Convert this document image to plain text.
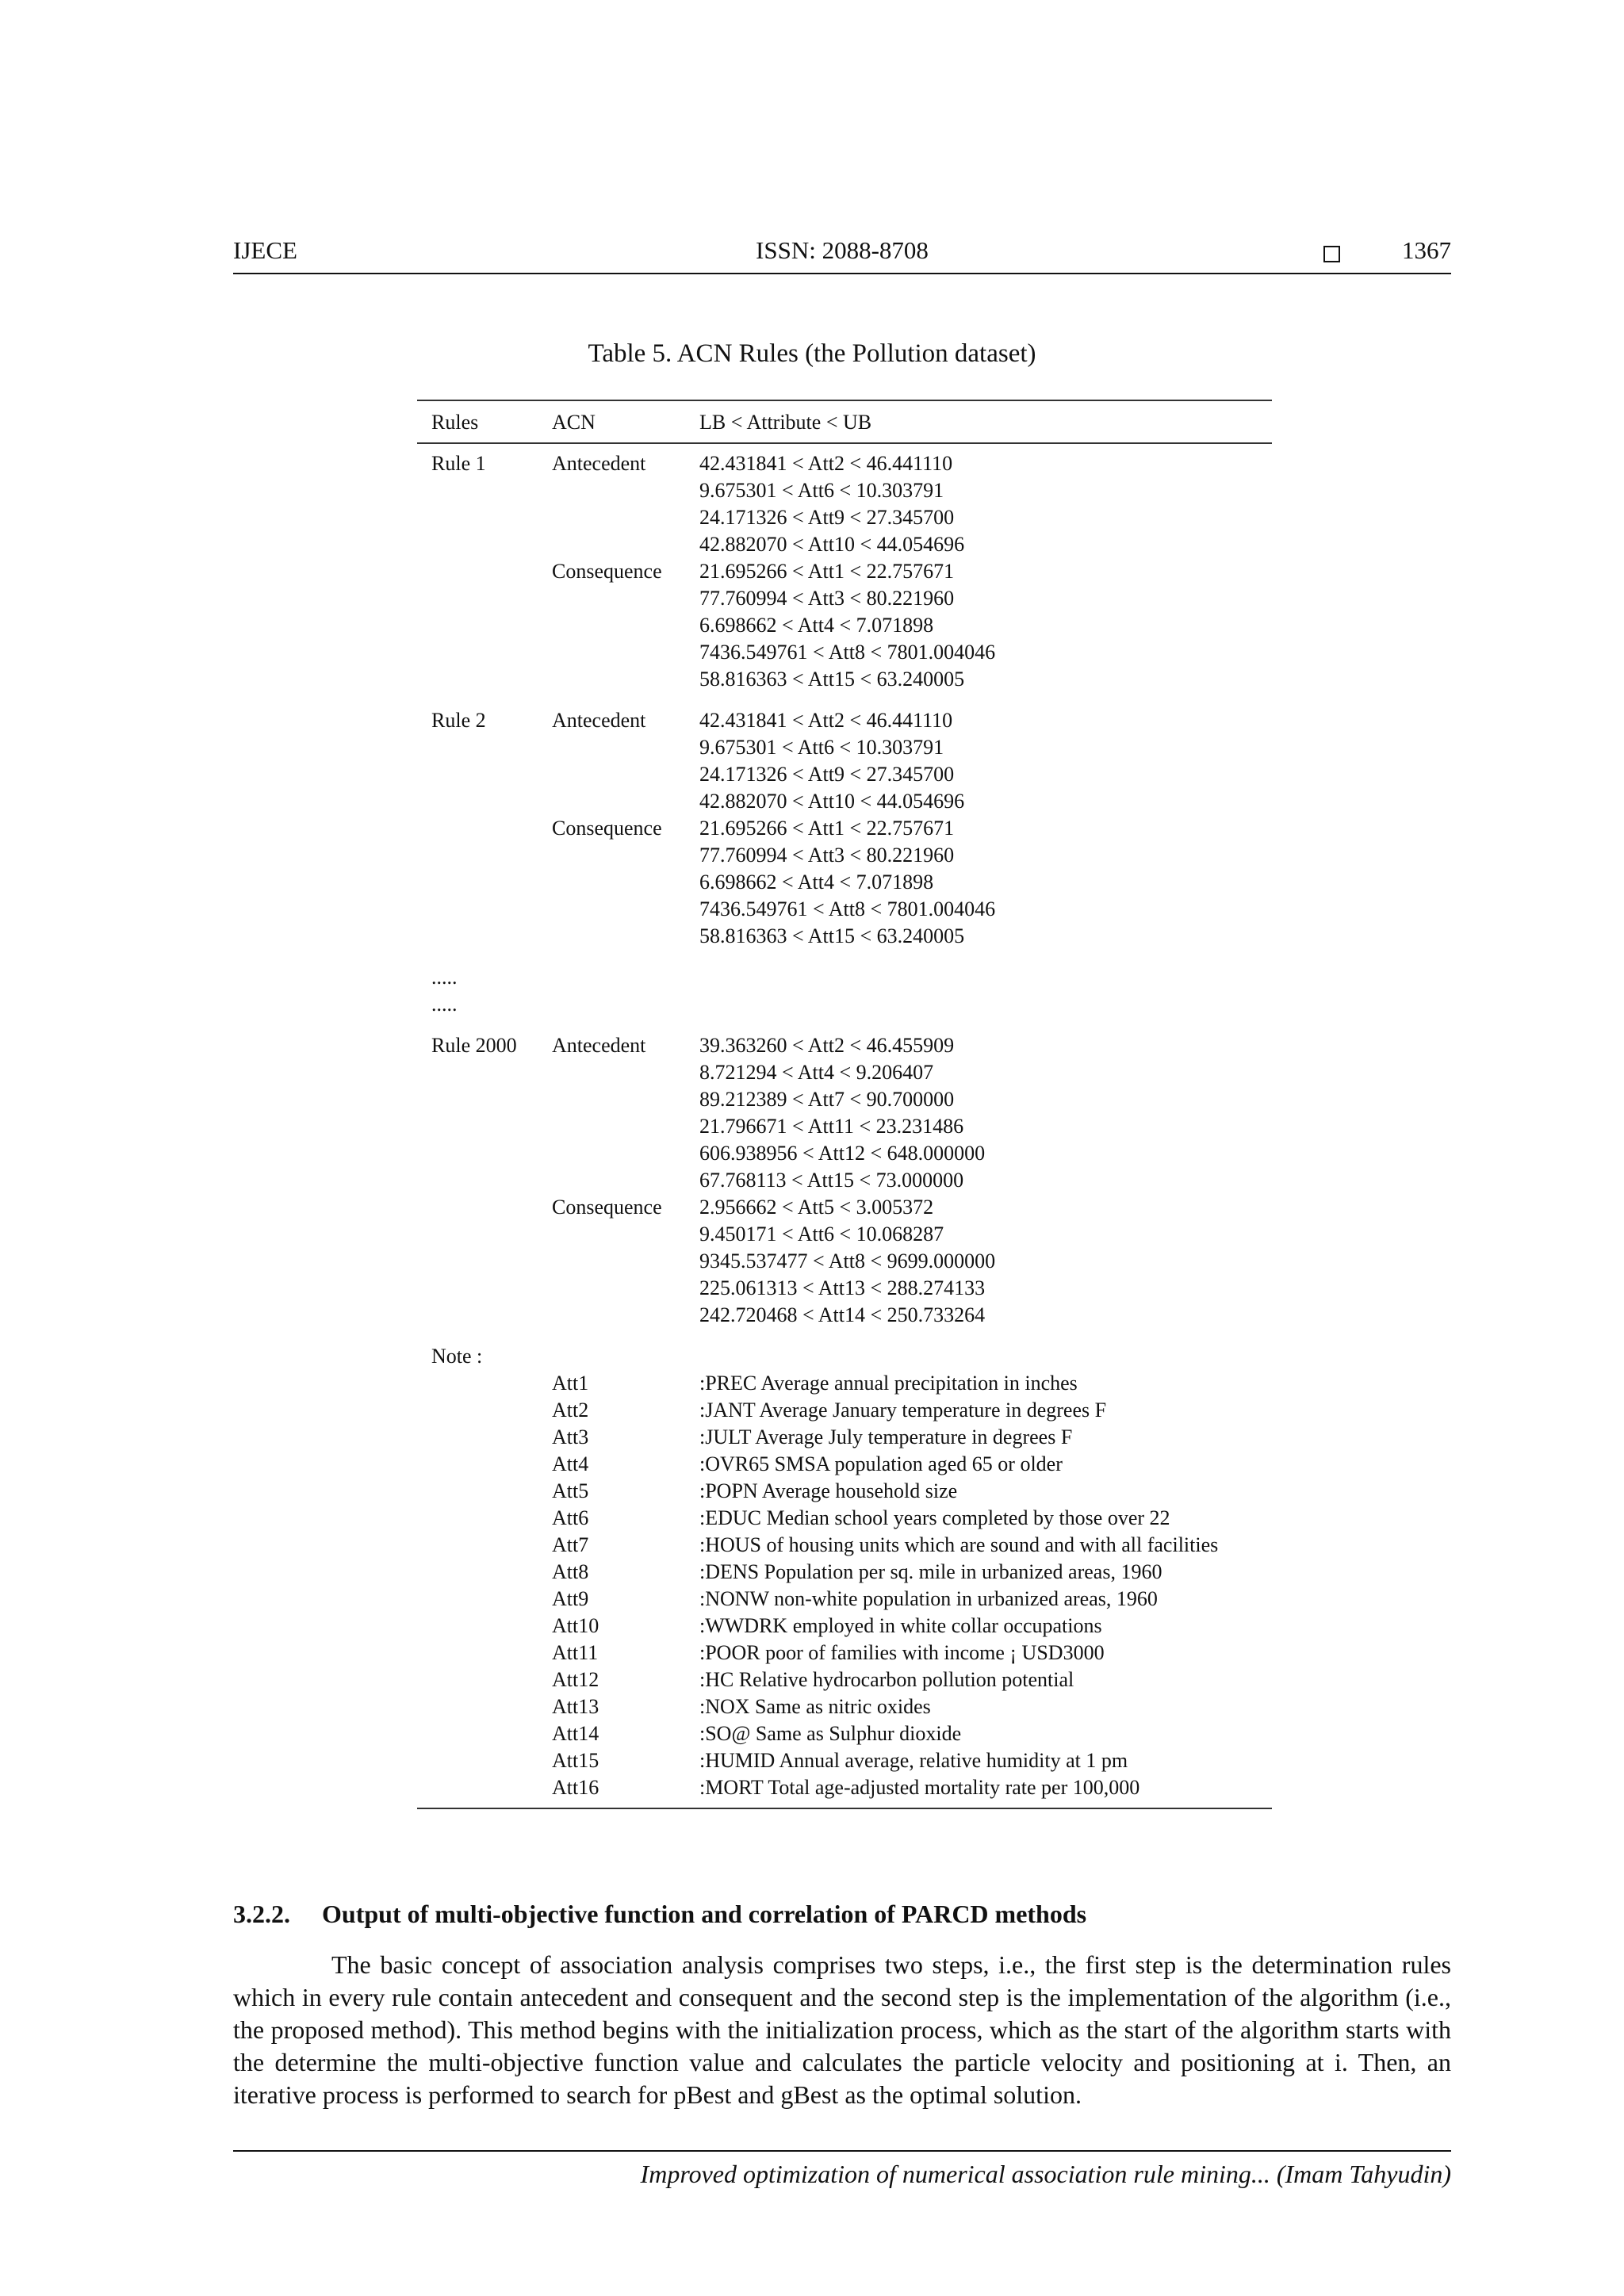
IJECE	ISSN: 2088-8708	1367
Table 5. ACN Rules (the Pollution dataset)
Rules	ACN	LB < Attribute < UB
Rule 1	Antecedent	42.431841 < Att2 < 46.441110
9.675301 < Att6 < 10.303791
24.171326 < Att9 < 27.345700
42.882070 < Att10 < 44.054696
Consequence 21.695266 < Att1 < 22.757671
77.760994 < Att3 < 80.221960
6.698662 < Att4 < 7.071898
7436.549761 < Att8 < 7801.004046
58.816363 < Att15 < 63.240005
Rule 2	Antecedent	42.431841 < Att2 < 46.441110
9.675301 < Att6 < 10.303791
24.171326 < Att9 < 27.345700
42.882070 < Att10 < 44.054696
Consequence 21.695266 < Att1 < 22.757671
77.760994 < Att3 < 80.221960
6.698662 < Att4 < 7.071898
7436.549761 < Att8 < 7801.004046
58.816363 < Att15 < 63.240005
.....
.....
Rule 2000 Antecedent	39.363260 < Att2 < 46.455909
8.721294 < Att4 < 9.206407
89.212389 < Att7 < 90.700000
21.796671 < Att11 < 23.231486
606.938956 < Att12 < 648.000000
67.768113 < Att15 < 73.000000
Consequence 2.956662 < Att5 < 3.005372
9.450171 < Att6 < 10.068287
9345.537477 < Att8 < 9699.000000
225.061313 < Att13 < 288.274133
242.720468 < Att14 < 250.733264
Note :
Att1	:PREC Average annual precipitation in inches
Att2	:JANT Average January temperature in degrees F
Att3	:JULT Average July temperature in degrees F
Att4	:OVR65 SMSA population aged 65 or older
Att5	:POPN Average household size
Att6	:EDUC Median school years completed by those over 22
Att7	:HOUS of housing units which are sound and with all facilities
Att8	:DENS Population per sq. mile in urbanized areas, 1960
Att9	:NONW non-white population in urbanized areas, 1960
Att10	:WWDRK employed in white collar occupations
Att11	:POOR poor of families with income ¡ USD3000
Att12	:HC Relative hydrocarbon pollution potential
Att13	:NOX Same as nitric oxides
Att14	:SO@ Same as Sulphur dioxide
Att15	:HUMID Annual average, relative humidity at 1 pm
Att16	:MORT Total age-adjusted mortality rate per 100,000
3.2.2. Output of multi-objective function and correlation of PARCD methods

The basic concept of association analysis comprises two steps, i.e., the first step is the determination rules which in every rule contain antecedent and consequent and the second step is the implementation of the algorithm (i.e., the proposed method). This method begins with the initialization process, which as the start of the algorithm starts with the determine the multi-objective function value and calculates the particle velocity and positioning at i. Then, an iterative process is performed to search for pBest and gBest as the optimal solution.

Improved optimization of numerical association rule mining... (Imam Tahyudin)
